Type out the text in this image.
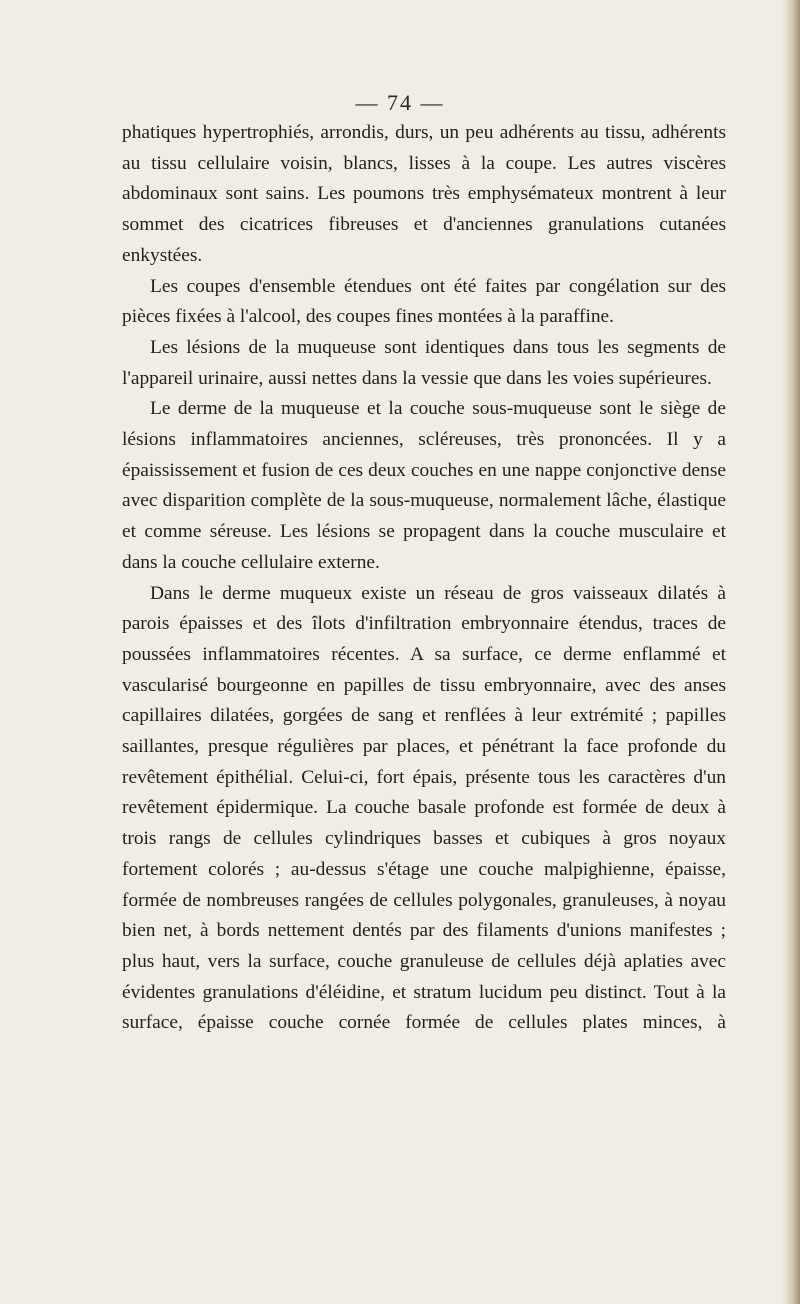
— 74 —

phatiques hypertrophiés, arrondis, durs, un peu adhérents au tissu, adhérents au tissu cellulaire voisin, blancs, lisses à la coupe. Les autres viscères abdominaux sont sains. Les poumons très emphysémateux montrent à leur sommet des cicatrices fibreuses et d'anciennes granulations cutanées enkystées.

Les coupes d'ensemble étendues ont été faites par congélation sur des pièces fixées à l'alcool, des coupes fines montées à la paraffine.

Les lésions de la muqueuse sont identiques dans tous les segments de l'appareil urinaire, aussi nettes dans la vessie que dans les voies supérieures.

Le derme de la muqueuse et la couche sous-muqueuse sont le siège de lésions inflammatoires anciennes, scléreuses, très prononcées. Il y a épaississement et fusion de ces deux couches en une nappe conjonctive dense avec disparition complète de la sous-muqueuse, normalement lâche, élastique et comme séreuse. Les lésions se propagent dans la couche musculaire et dans la couche cellulaire externe.

Dans le derme muqueux existe un réseau de gros vaisseaux dilatés à parois épaisses et des îlots d'infiltration embryonnaire étendus, traces de poussées inflammatoires récentes. A sa surface, ce derme enflammé et vascularisé bourgeonne en papilles de tissu embryonnaire, avec des anses capillaires dilatées, gorgées de sang et renflées à leur extrémité ; papilles saillantes, presque régulières par places, et pénétrant la face profonde du revêtement épithélial. Celui-ci, fort épais, présente tous les caractères d'un revêtement épidermique. La couche basale profonde est formée de deux à trois rangs de cellules cylindriques basses et cubiques à gros noyaux fortement colorés ; au-dessus s'étage une couche malpighienne, épaisse, formée de nombreuses rangées de cellules polygonales, granuleuses, à noyau bien net, à bords nettement dentés par des filaments d'unions manifestes ; plus haut, vers la surface, couche granuleuse de cellules déjà aplaties avec évidentes granulations d'éléidine, et stratum lucidum peu distinct. Tout à la surface, épaisse couche cornée formée de cellules plates minces, à
